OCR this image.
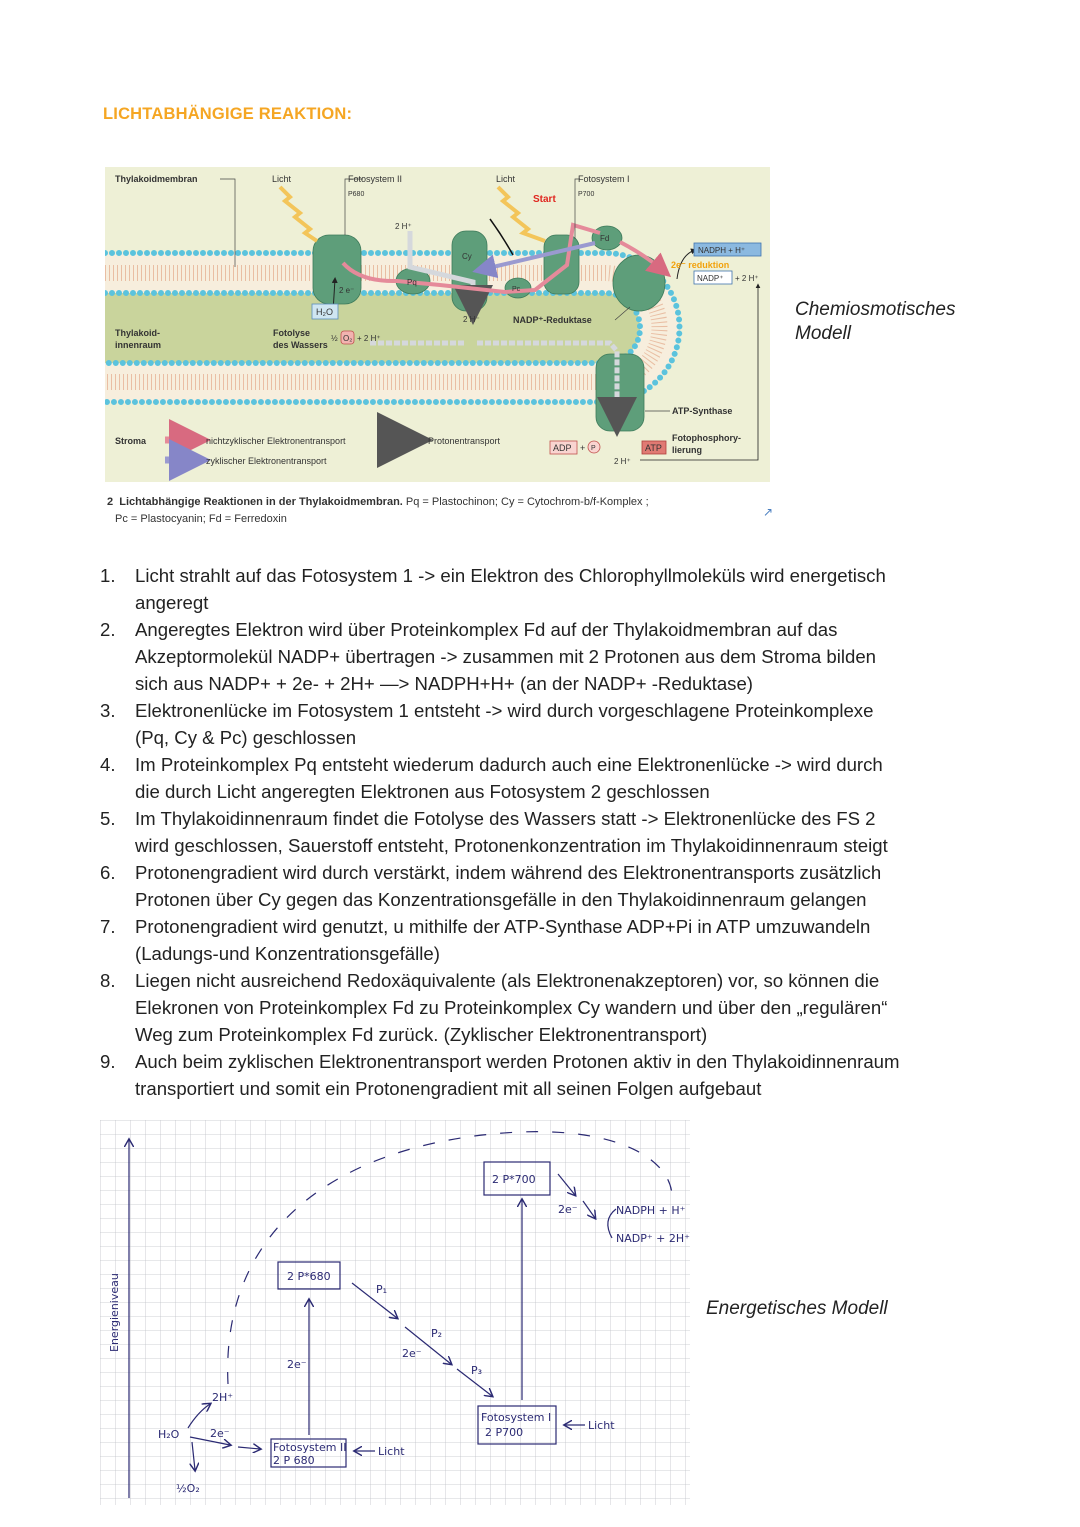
LICHTABHÄNGIGE REAKTION:
Thylakoidmembran	Licht	Fotosystem II
P680
2 H⁺
Cy
Pq
Pc
2 e⁻
H₂O
Fotolyse
des Wassers
½ O₂ + 2 H⁺
2 H⁻	NADP⁺-Reduktase
Licht
Start
Fotosystem I
P700
Fd
NADPH + H⁺
2e⁻ reduktion
NADP⁺ + 2 H⁺
Thylakoid-
innenraum
ATP-Synthase
Stroma	nichtzyklischer Elektronentransport
zyklischer Elektronentransport
Protonentransport
ADP + P	ATP
2 H⁺
Fotophosphory-
lierung
2 Lichtabhängige Reaktionen in der Thylakoidmembran. Pq = Plastochinon; Cy = Cytochrom-b/f-Komplex ;
Pc = Plastocyanin; Fd = Ferredoxin	↗
Chemiosmotisches
Modell
1. Licht strahlt auf das Fotosystem 1 -> ein Elektron des Chlorophyllmoleküls wird energetisch
angeregt
2. Angeregtes Elektron wird über Proteinkomplex Fd auf der Thylakoidmembran auf das
Akzeptormolekül NADP+ übertragen -> zusammen mit 2 Protonen aus dem Stroma bilden
sich aus NADP+ + 2e- + 2H+ —> NADPH+H+ (an der NADP+ -Reduktase)
3. Elektronenlücke im Fotosystem 1 entsteht -> wird durch vorgeschlagene Proteinkomplexe
(Pq, Cy & Pc) geschlossen
4. Im Proteinkomplex Pq entsteht wiederum dadurch auch eine Elektronenlücke -> wird durch
die durch Licht angeregten Elektronen aus Fotosystem 2 geschlossen
5. Im Thylakoidinnenraum findet die Fotolyse des Wassers statt -> Elektronenlücke des FS 2
wird geschlossen, Sauerstoff entsteht, Protonenkonzentration im Thylakoidinnenraum steigt
6. Protonengradient wird durch verstärkt, indem während des Elektronentransports zusätzlich
Protonen über Cy gegen das Konzentrationsgefälle in den Thylakoidinnenraum gelangen
7. Protonengradient wird genutzt, u mithilfe der ATP-Synthase ADP+Pi in ATP umzuwandeln
(Ladungs-und Konzentrationsgefälle)
8. Liegen nicht ausreichend Redoxäquivalente (als Elektronenakzeptoren) vor, so können die
Elekronen von Proteinkomplex Fd zu Proteinkomplex Cy wandern und über den „regulären“
Weg zum Proteinkomplex Fd zurück. (Zyklischer Elektronentransport)
9. Auch beim zyklischen Elektronentransport werden Protonen aktiv in den Thylakoidinnenraum
transportiert und somit ein Protonengradient mit all seinen Folgen aufgebaut
Energieniveau	2 P*680
2 P*700
Fotosystem II
2 P 680
Fotosystem I
2 P700
Licht
Licht
2e⁻
2e⁻
2e⁻
P₁
P₂
P₃
NADPH + H⁺
NADP⁺ + 2H⁺
H₂O
2H⁺
2e⁻
½O₂
Energetisches Modell
